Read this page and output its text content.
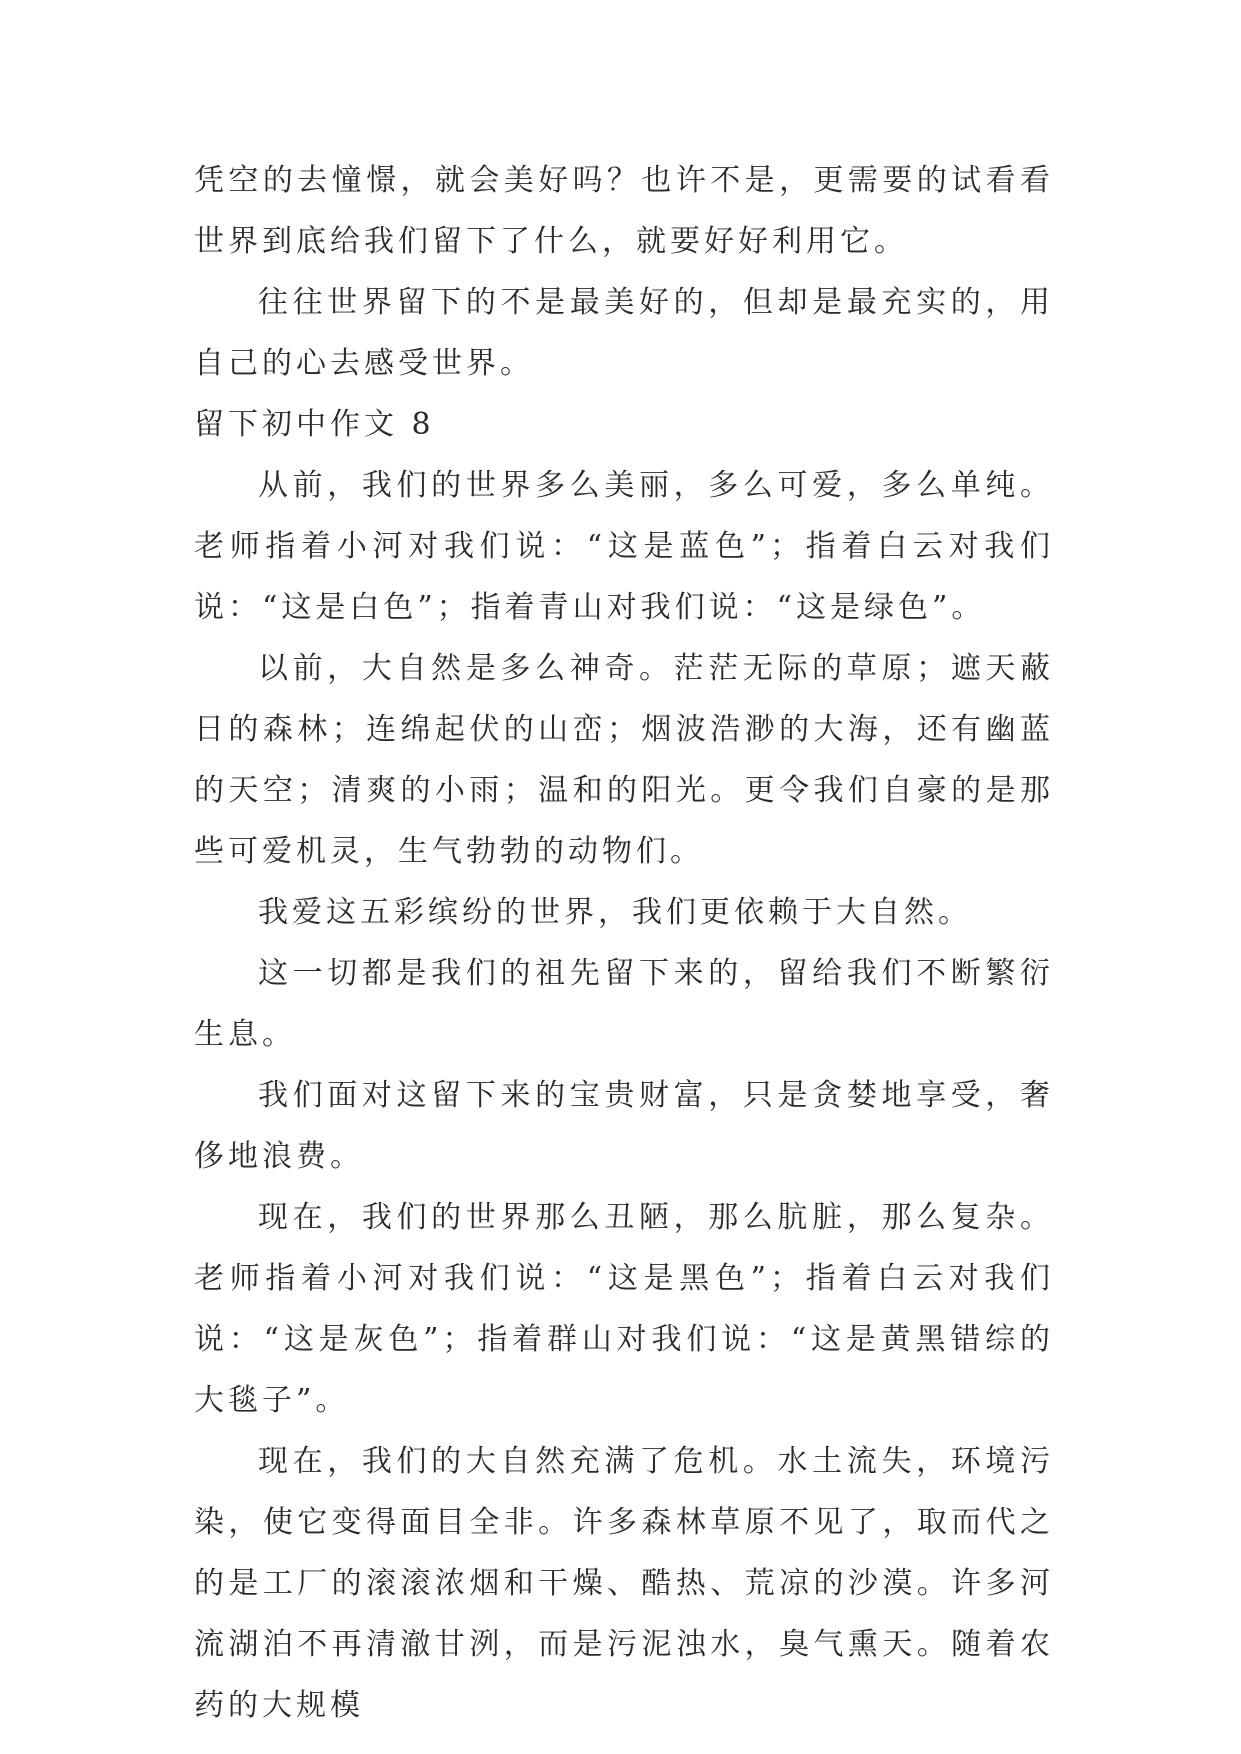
凭空的去憧憬，就会美好吗？也许不是，更需要的试看看世界到底给我们留下了什么，就要好好利用它。

往往世界留下的不是最美好的，但却是最充实的，用自己的心去感受世界。

留下初中作文 8

从前，我们的世界多么美丽，多么可爱，多么单纯。老师指着小河对我们说：“这是蓝色”；指着白云对我们说：“这是白色”；指着青山对我们说：“这是绿色”。

以前，大自然是多么神奇。茫茫无际的草原；遮天蔽日的森林；连绵起伏的山峦；烟波浩渺的大海，还有幽蓝的天空；清爽的小雨；温和的阳光。更令我们自豪的是那些可爱机灵，生气勃勃的动物们。

我爱这五彩缤纷的世界，我们更依赖于大自然。

这一切都是我们的祖先留下来的，留给我们不断繁衍生息。

我们面对这留下来的宝贵财富，只是贪婪地享受，奢侈地浪费。

现在，我们的世界那么丑陋，那么肮脏，那么复杂。老师指着小河对我们说：“这是黑色”；指着白云对我们说：“这是灰色”；指着群山对我们说：“这是黄黑错综的大毯子”。

现在，我们的大自然充满了危机。水土流失，环境污染，使它变得面目全非。许多森林草原不见了，取而代之的是工厂的滚滚浓烟和干燥、酷热、荒凉的沙漠。许多河流湖泊不再清澈甘洌，而是污泥浊水，臭气熏天。随着农药的大规模
